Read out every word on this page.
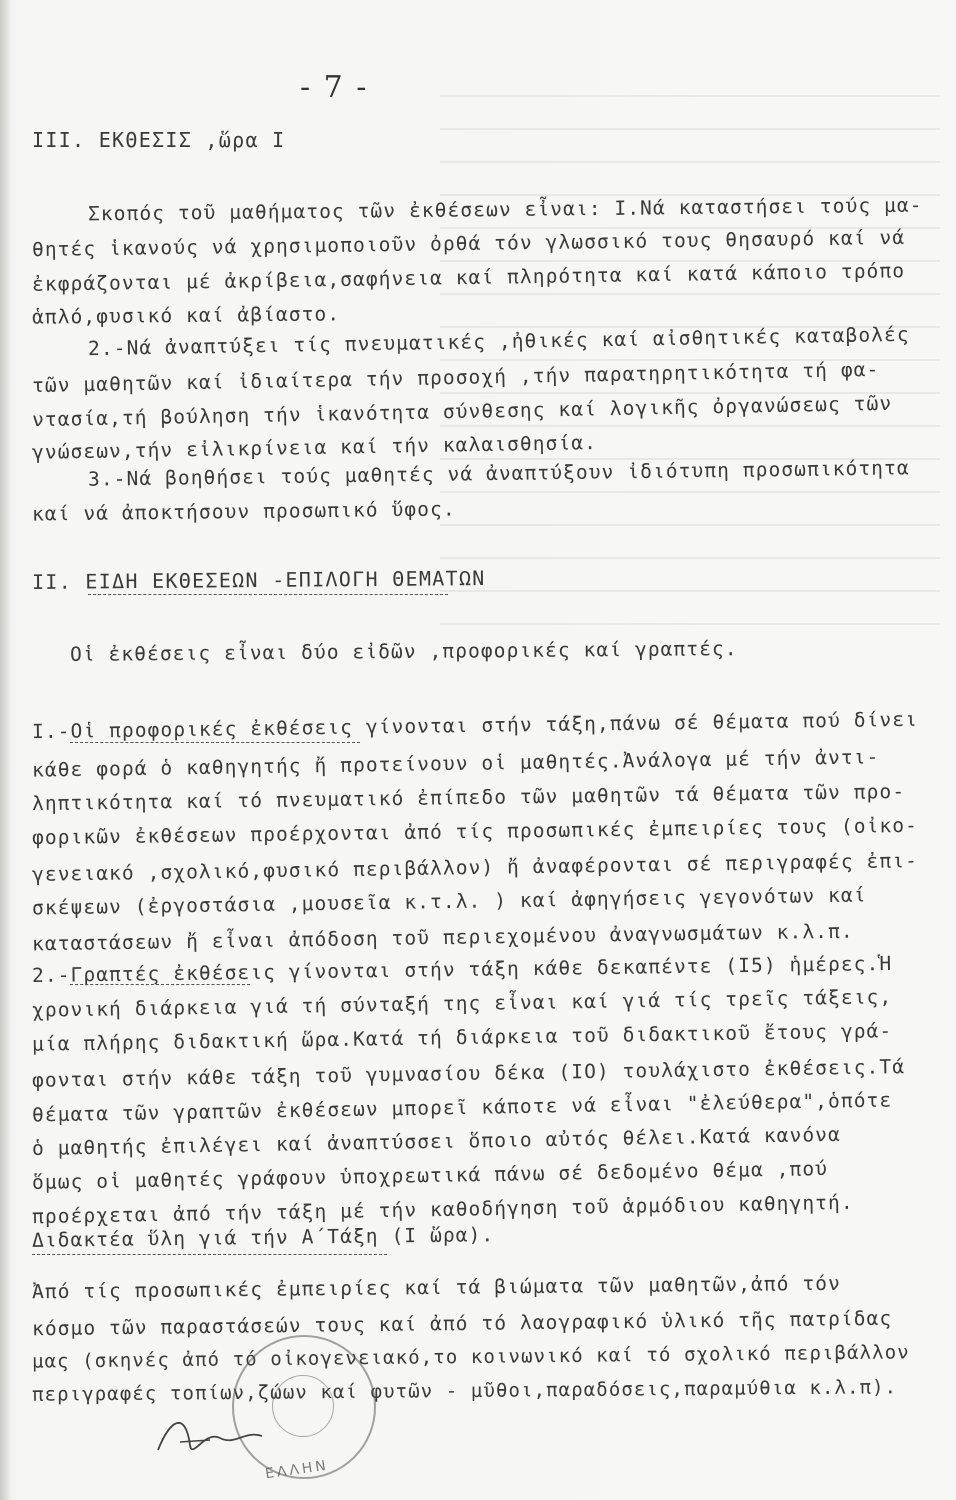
- 7 -
III. ΕΚΘΕΣΙΣ ,ὥρα Ι
Σκοπός τοῦ μαθήματος τῶν ἐκθέσεων εἶναι: Ι.Νά καταστήσει τούς μα-
θητές ἱκανούς νά χρησιμοποιοῦν ὀρθά τόν γλωσσικό τους θησαυρό καί νά
ἐκφράζονται μέ ἀκρίβεια,σαφήνεια καί πληρότητα καί κατά κάποιο τρόπο
ἁπλό,φυσικό καί ἀβίαστο.
2.-Νά ἀναπτύξει τίς πνευματικές ,ἠθικές καί αἰσθητικές καταβολές
τῶν μαθητῶν καί ἰδιαίτερα τήν προσοχή ,τήν παρατηρητικότητα τή φα-
ντασία,τή βούληση τήν ἱκανότητα σύνθεσης καί λογικῆς ὀργανώσεως τῶν
γνώσεων,τήν εἰλικρίνεια καί τήν καλαισθησία.
3.-Νά βοηθήσει τούς μαθητές νά ἀναπτύξουν ἰδιότυπη προσωπικότητα
καί νά ἀποκτήσουν προσωπικό ὕφος.
ΙΙ. ΕΙΔΗ ΕΚΘΕΣΕΩΝ -ΕΠΙΛΟΓΗ ΘΕΜΑΤΩΝ
Οἱ ἐκθέσεις εἶναι δύο εἰδῶν ,προφορικές καί γραπτές.
Ι.-Οἱ προφορικές ἐκθέσεις γίνονται στήν τάξη,πάνω σέ θέματα πού δίνει
κάθε φορά ὁ καθηγητής ἤ προτείνουν οἱ μαθητές.Ἀνάλογα μέ τήν ἀντι-
ληπτικότητα καί τό πνευματικό ἐπίπεδο τῶν μαθητῶν τά θέματα τῶν προ-
φορικῶν ἐκθέσεων προέρχονται ἀπό τίς προσωπικές ἐμπειρίες τους (οἰκο-
γενειακό ,σχολικό,φυσικό περιβάλλον) ἤ ἀναφέρονται σέ περιγραφές ἐπι-
σκέψεων (ἐργοστάσια ,μουσεῖα κ.τ.λ. ) καί ἀφηγήσεις γεγονότων καί
καταστάσεων ἤ εἶναι ἀπόδοση τοῦ περιεχομένου ἀναγνωσμάτων κ.λ.π.
2.-Γραπτές ἐκθέσεις γίνονται στήν τάξη κάθε δεκαπέντε (Ι5) ἡμέρες.Ἡ
χρονική διάρκεια γιά τή σύνταξή της εἶναι καί γιά τίς τρεῖς τάξεις,
μία πλήρης διδακτική ὥρα.Κατά τή διάρκεια τοῦ διδακτικοῦ ἔτους γρά-
φονται στήν κάθε τάξη τοῦ γυμνασίου δέκα (ΙΟ) τουλάχιστο ἐκθέσεις.Τά
θέματα τῶν γραπτῶν ἐκθέσεων μπορεῖ κάποτε νά εἶναι "ἐλεύθερα",ὁπότε
ὁ μαθητής ἐπιλέγει καί ἀναπτύσσει ὅποιο αὐτός θέλει.Κατά κανόνα
ὅμως οἱ μαθητές γράφουν ὑποχρεωτικά πάνω σέ δεδομένο θέμα ,πού
προέρχεται ἀπό τήν τάξη μέ τήν καθοδήγηση τοῦ ἁρμόδιου καθηγητή.
Διδακτέα ὕλη γιά τήν Α΄Τάξη (Ι ὥρα).
Ἀπό τίς προσωπικές ἐμπειρίες καί τά βιώματα τῶν μαθητῶν,ἀπό τόν
κόσμο τῶν παραστάσεών τους καί ἀπό τό λαογραφικό ὑλικό τῆς πατρίδας
μας (σκηνές ἀπό τό οἰκογενειακό,το κοινωνικό καί τό σχολικό περιβάλλον
περιγραφές τοπίων,ζώων καί φυτῶν - μῦθοι,παραδόσεις,παραμύθια κ.λ.π).
ΕΛΛΗΝ
